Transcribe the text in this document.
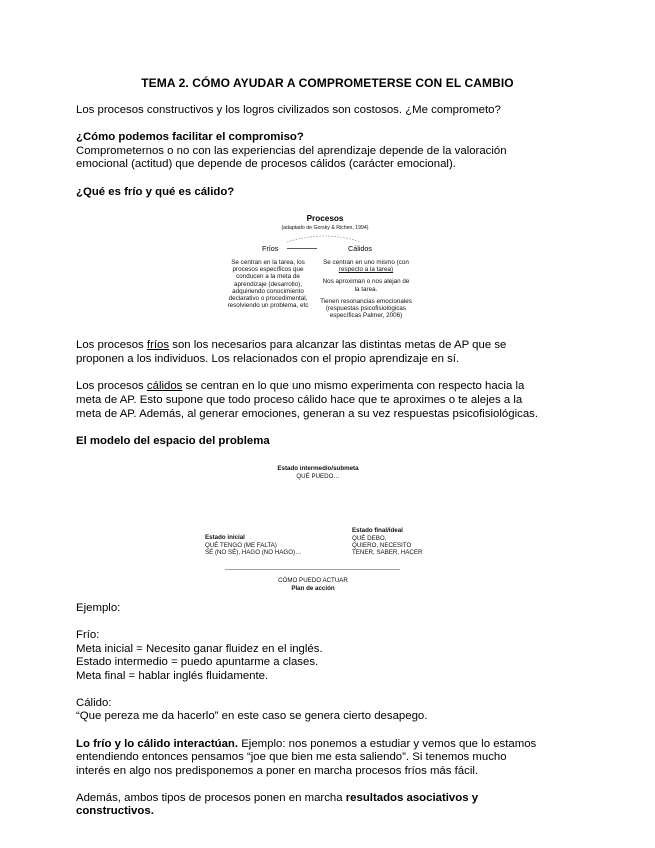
TEMA 2. CÓMO AYUDAR A COMPROMETERSE CON EL CAMBIO
Los procesos constructivos y los logros civilizados son costosos. ¿Me comprometo?
¿Cómo podemos facilitar el compromiso?
Comprometernos o no con las experiencias del aprendizaje depende de la valoración
emocional (actitud) que depende de procesos cálidos (carácter emocional).
¿Qué es frío y qué es cálido?
Procesos
(adaptado de Gorsky & Richen, 1994)
Fríos	Cálidos
Se centran en la tarea, los
procesos específicos que
conducen a la meta de
aprendizaje (desarrollo),
adquiriendo conocimiento
declarativo o procedimental,
resolviendo un problema, etc
Se centran en uno mismo (con
respecto a la tarea)
Nos aproximan o nos alejan de
la tarea.
Tienen resonancias emocionales
(respuestas psicofisiológicas
específicas Palmer, 2006)
Los procesos fríos son los necesarios para alcanzar las distintas metas de AP que se
proponen a los individuos. Los relacionados con el propio aprendizaje en sí.
Los procesos cálidos se centran en lo que uno mismo experimenta con respecto hacia la
meta de AP. Esto supone que todo proceso cálido hace que te aproximes o te alejes a la
meta de AP. Además, al generar emociones, generan a su vez respuestas psicofisiológicas.
El modelo del espacio del problema
Estado intermedio/submeta
QUÉ PUEDO…
Estado final/ideal
QUÉ DEBO,
QUIERO, NECESITO
TENER, SABER, HACER
Estado inicial
QUÉ TENGO (ME FALTA)
SÉ (NO SÉ), HAGO (NO HAGO)…
CÓMO PUEDO ACTUAR
Plan de acción
Ejemplo:
Frío:
Meta inicial = Necesito ganar fluidez en el inglés.
Estado intermedio = puedo apuntarme a clases.
Meta final = hablar inglés fluidamente.
Cálido:
“Que pereza me da hacerlo” en este caso se genera cierto desapego.
Lo frío y lo cálido interactúan. Ejemplo: nos ponemos a estudiar y vemos que lo estamos
entendiendo entonces pensamos “joe que bien me esta saliendo”. Si tenemos mucho
interés en algo nos predisponemos a poner en marcha procesos fríos más fácil.
Además, ambos tipos de procesos ponen en marcha resultados asociativos y
constructivos.
